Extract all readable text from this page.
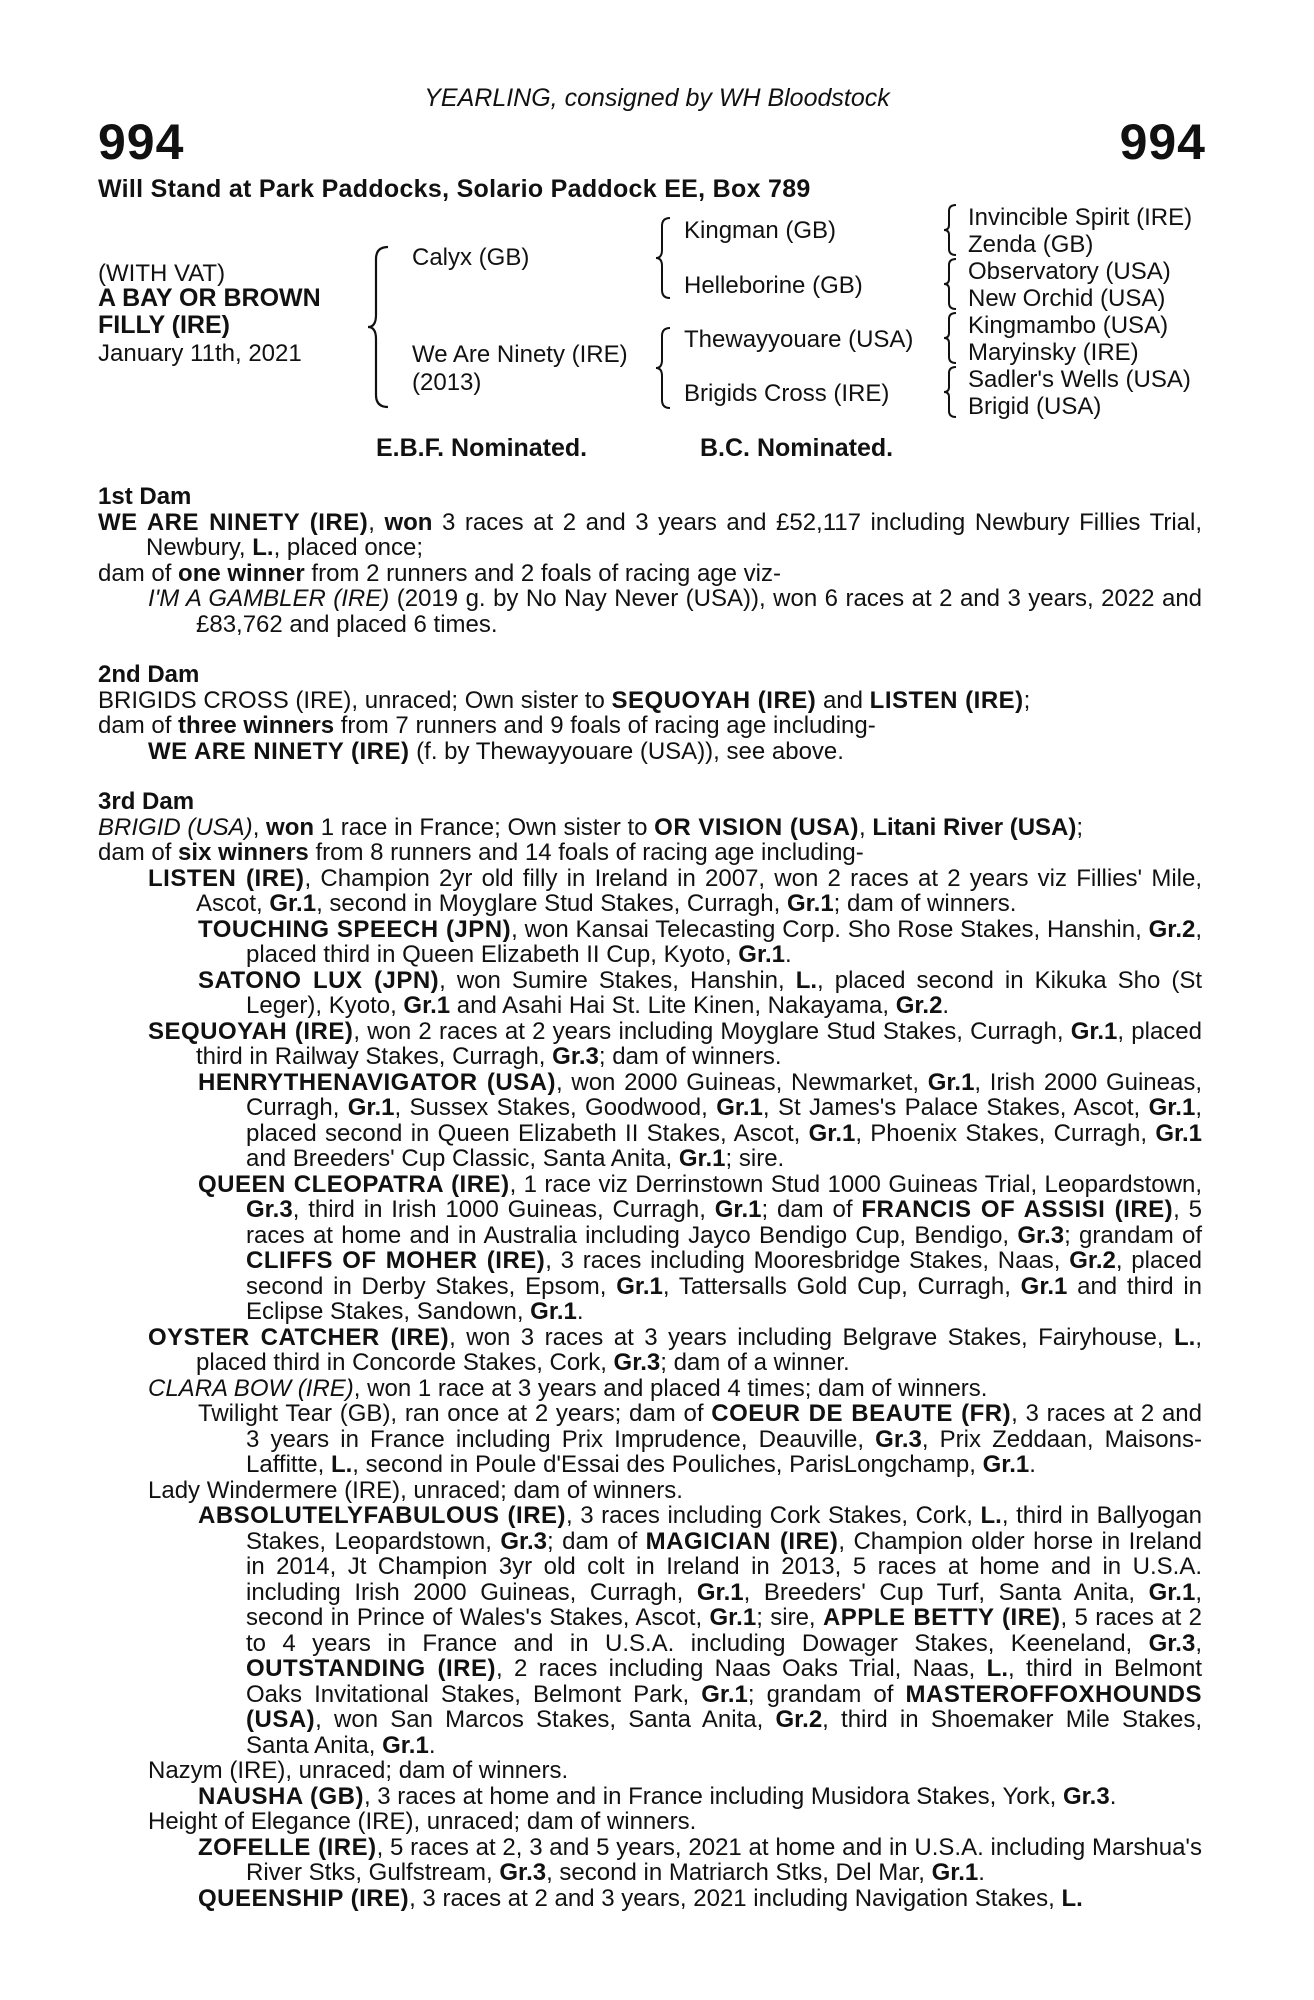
YEARLING, consigned by WH Bloodstock
994	994
Will Stand at Park Paddocks, Solario Paddock EE, Box 789
(WITH VAT)
A BAY OR BROWN
FILLY (IRE)
January 11th, 2021
Calyx (GB)
We Are Ninety (IRE)
(2013)
Kingman (GB)
Helleborine (GB)
Thewayyouare (USA)
Brigids Cross (IRE)
Invincible Spirit (IRE)
Zenda (GB)
Observatory (USA)
New Orchid (USA)
Kingmambo (USA)
Maryinsky (IRE)
Sadler's Wells (USA)
Brigid (USA)
E.B.F. Nominated.	B.C. Nominated.
1st Dam
WE ARE NINETY (IRE), won 3 races at 2 and 3 years and £52,117 including Newbury Fillies Trial, Newbury, L., placed once;
dam of one winner from 2 runners and 2 foals of racing age viz-
I'M A GAMBLER (IRE) (2019 g. by No Nay Never (USA)), won 6 races at 2 and 3 years, 2022 and £83,762 and placed 6 times.
2nd Dam
BRIGIDS CROSS (IRE), unraced; Own sister to SEQUOYAH (IRE) and LISTEN (IRE);
dam of three winners from 7 runners and 9 foals of racing age including-
WE ARE NINETY (IRE) (f. by Thewayyouare (USA)), see above.
3rd Dam
BRIGID (USA), won 1 race in France; Own sister to OR VISION (USA), Litani River (USA);
dam of six winners from 8 runners and 14 foals of racing age including-
LISTEN (IRE), Champion 2yr old filly in Ireland in 2007, won 2 races at 2 years viz Fillies' Mile, Ascot, Gr.1, second in Moyglare Stud Stakes, Curragh, Gr.1; dam of winners.
TOUCHING SPEECH (JPN), won Kansai Telecasting Corp. Sho Rose Stakes, Hanshin, Gr.2, placed third in Queen Elizabeth II Cup, Kyoto, Gr.1.
SATONO LUX (JPN), won Sumire Stakes, Hanshin, L., placed second in Kikuka Sho (St Leger), Kyoto, Gr.1 and Asahi Hai St. Lite Kinen, Nakayama, Gr.2.
SEQUOYAH (IRE), won 2 races at 2 years including Moyglare Stud Stakes, Curragh, Gr.1, placed third in Railway Stakes, Curragh, Gr.3; dam of winners.
HENRYTHENAVIGATOR (USA), won 2000 Guineas, Newmarket, Gr.1, Irish 2000 Guineas, Curragh, Gr.1, Sussex Stakes, Goodwood, Gr.1, St James's Palace Stakes, Ascot, Gr.1, placed second in Queen Elizabeth II Stakes, Ascot, Gr.1, Phoenix Stakes, Curragh, Gr.1 and Breeders' Cup Classic, Santa Anita, Gr.1; sire.
QUEEN CLEOPATRA (IRE), 1 race viz Derrinstown Stud 1000 Guineas Trial, Leopardstown, Gr.3, third in Irish 1000 Guineas, Curragh, Gr.1; dam of FRANCIS OF ASSISI (IRE), 5 races at home and in Australia including Jayco Bendigo Cup, Bendigo, Gr.3; grandam of CLIFFS OF MOHER (IRE), 3 races including Mooresbridge Stakes, Naas, Gr.2, placed second in Derby Stakes, Epsom, Gr.1, Tattersalls Gold Cup, Curragh, Gr.1 and third in Eclipse Stakes, Sandown, Gr.1.
OYSTER CATCHER (IRE), won 3 races at 3 years including Belgrave Stakes, Fairyhouse, L., placed third in Concorde Stakes, Cork, Gr.3; dam of a winner.
CLARA BOW (IRE), won 1 race at 3 years and placed 4 times; dam of winners.
Twilight Tear (GB), ran once at 2 years; dam of COEUR DE BEAUTE (FR), 3 races at 2 and 3 years in France including Prix Imprudence, Deauville, Gr.3, Prix Zeddaan, Maisons-Laffitte, L., second in Poule d'Essai des Pouliches, ParisLongchamp, Gr.1.
Lady Windermere (IRE), unraced; dam of winners.
ABSOLUTELYFABULOUS (IRE), 3 races including Cork Stakes, Cork, L., third in Ballyogan Stakes, Leopardstown, Gr.3; dam of MAGICIAN (IRE), Champion older horse in Ireland in 2014, Jt Champion 3yr old colt in Ireland in 2013, 5 races at home and in U.S.A. including Irish 2000 Guineas, Curragh, Gr.1, Breeders' Cup Turf, Santa Anita, Gr.1, second in Prince of Wales's Stakes, Ascot, Gr.1; sire, APPLE BETTY (IRE), 5 races at 2 to 4 years in France and in U.S.A. including Dowager Stakes, Keeneland, Gr.3, OUTSTANDING (IRE), 2 races including Naas Oaks Trial, Naas, L., third in Belmont Oaks Invitational Stakes, Belmont Park, Gr.1; grandam of MASTEROFFOXHOUNDS (USA), won San Marcos Stakes, Santa Anita, Gr.2, third in Shoemaker Mile Stakes, Santa Anita, Gr.1.
Nazym (IRE), unraced; dam of winners.
NAUSHA (GB), 3 races at home and in France including Musidora Stakes, York, Gr.3.
Height of Elegance (IRE), unraced; dam of winners.
ZOFELLE (IRE), 5 races at 2, 3 and 5 years, 2021 at home and in U.S.A. including Marshua's River Stks, Gulfstream, Gr.3, second in Matriarch Stks, Del Mar, Gr.1.
QUEENSHIP (IRE), 3 races at 2 and 3 years, 2021 including Navigation Stakes, L.
